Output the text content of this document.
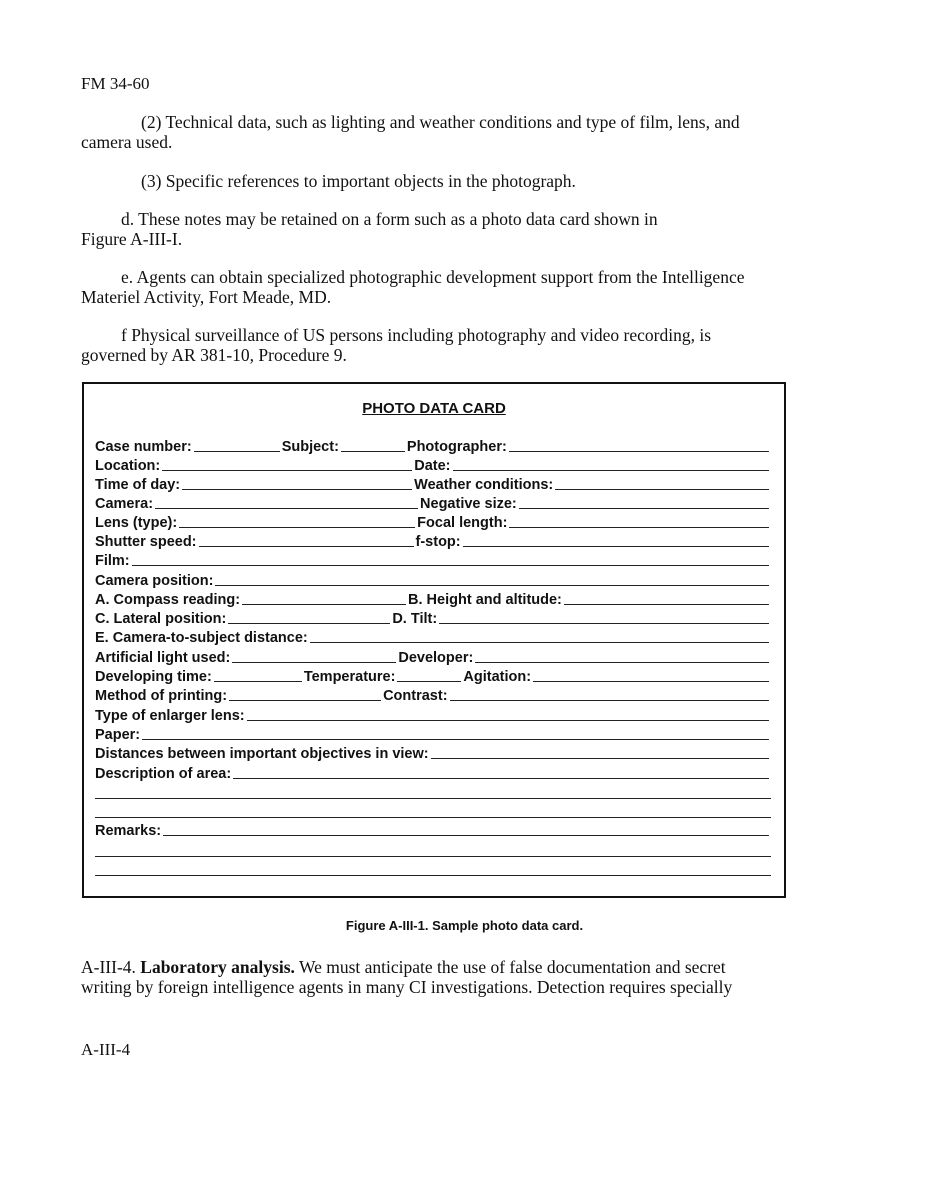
FM 34-60
(2) Technical data, such as lighting and weather conditions and type of film, lens, and
camera used.
(3) Specific references to important objects in the photograph.
d. These notes may be retained on a form such as a photo data card shown in
Figure A-III-I.
e. Agents can obtain specialized photographic development support from the Intelligence
Materiel Activity, Fort Meade, MD.
f Physical surveillance of US persons including photography and video recording, is
governed by AR 381-10, Procedure 9.
PHOTO DATA CARD
Case number:	Subject:	Photographer:
Location:	Date:
Time of day:	Weather conditions:
Camera:	Negative size:
Lens (type):	Focal length:
Shutter speed:	f-stop:
Film:
Camera position:
A. Compass reading:	B. Height and altitude:
C. Lateral position:	D. Tilt:
E. Camera-to-subject distance:
Artificial light used:	Developer:
Developing time:	Temperature:	Agitation:
Method of printing:	Contrast:
Type of enlarger lens:
Paper:
Distances between important objectives in view:
Description of area:
Remarks:
Figure A-III-1. Sample photo data card.
A-III-4. Laboratory analysis. We must anticipate the use of false documentation and secret
writing by foreign intelligence agents in many CI investigations. Detection requires specially
A-III-4
